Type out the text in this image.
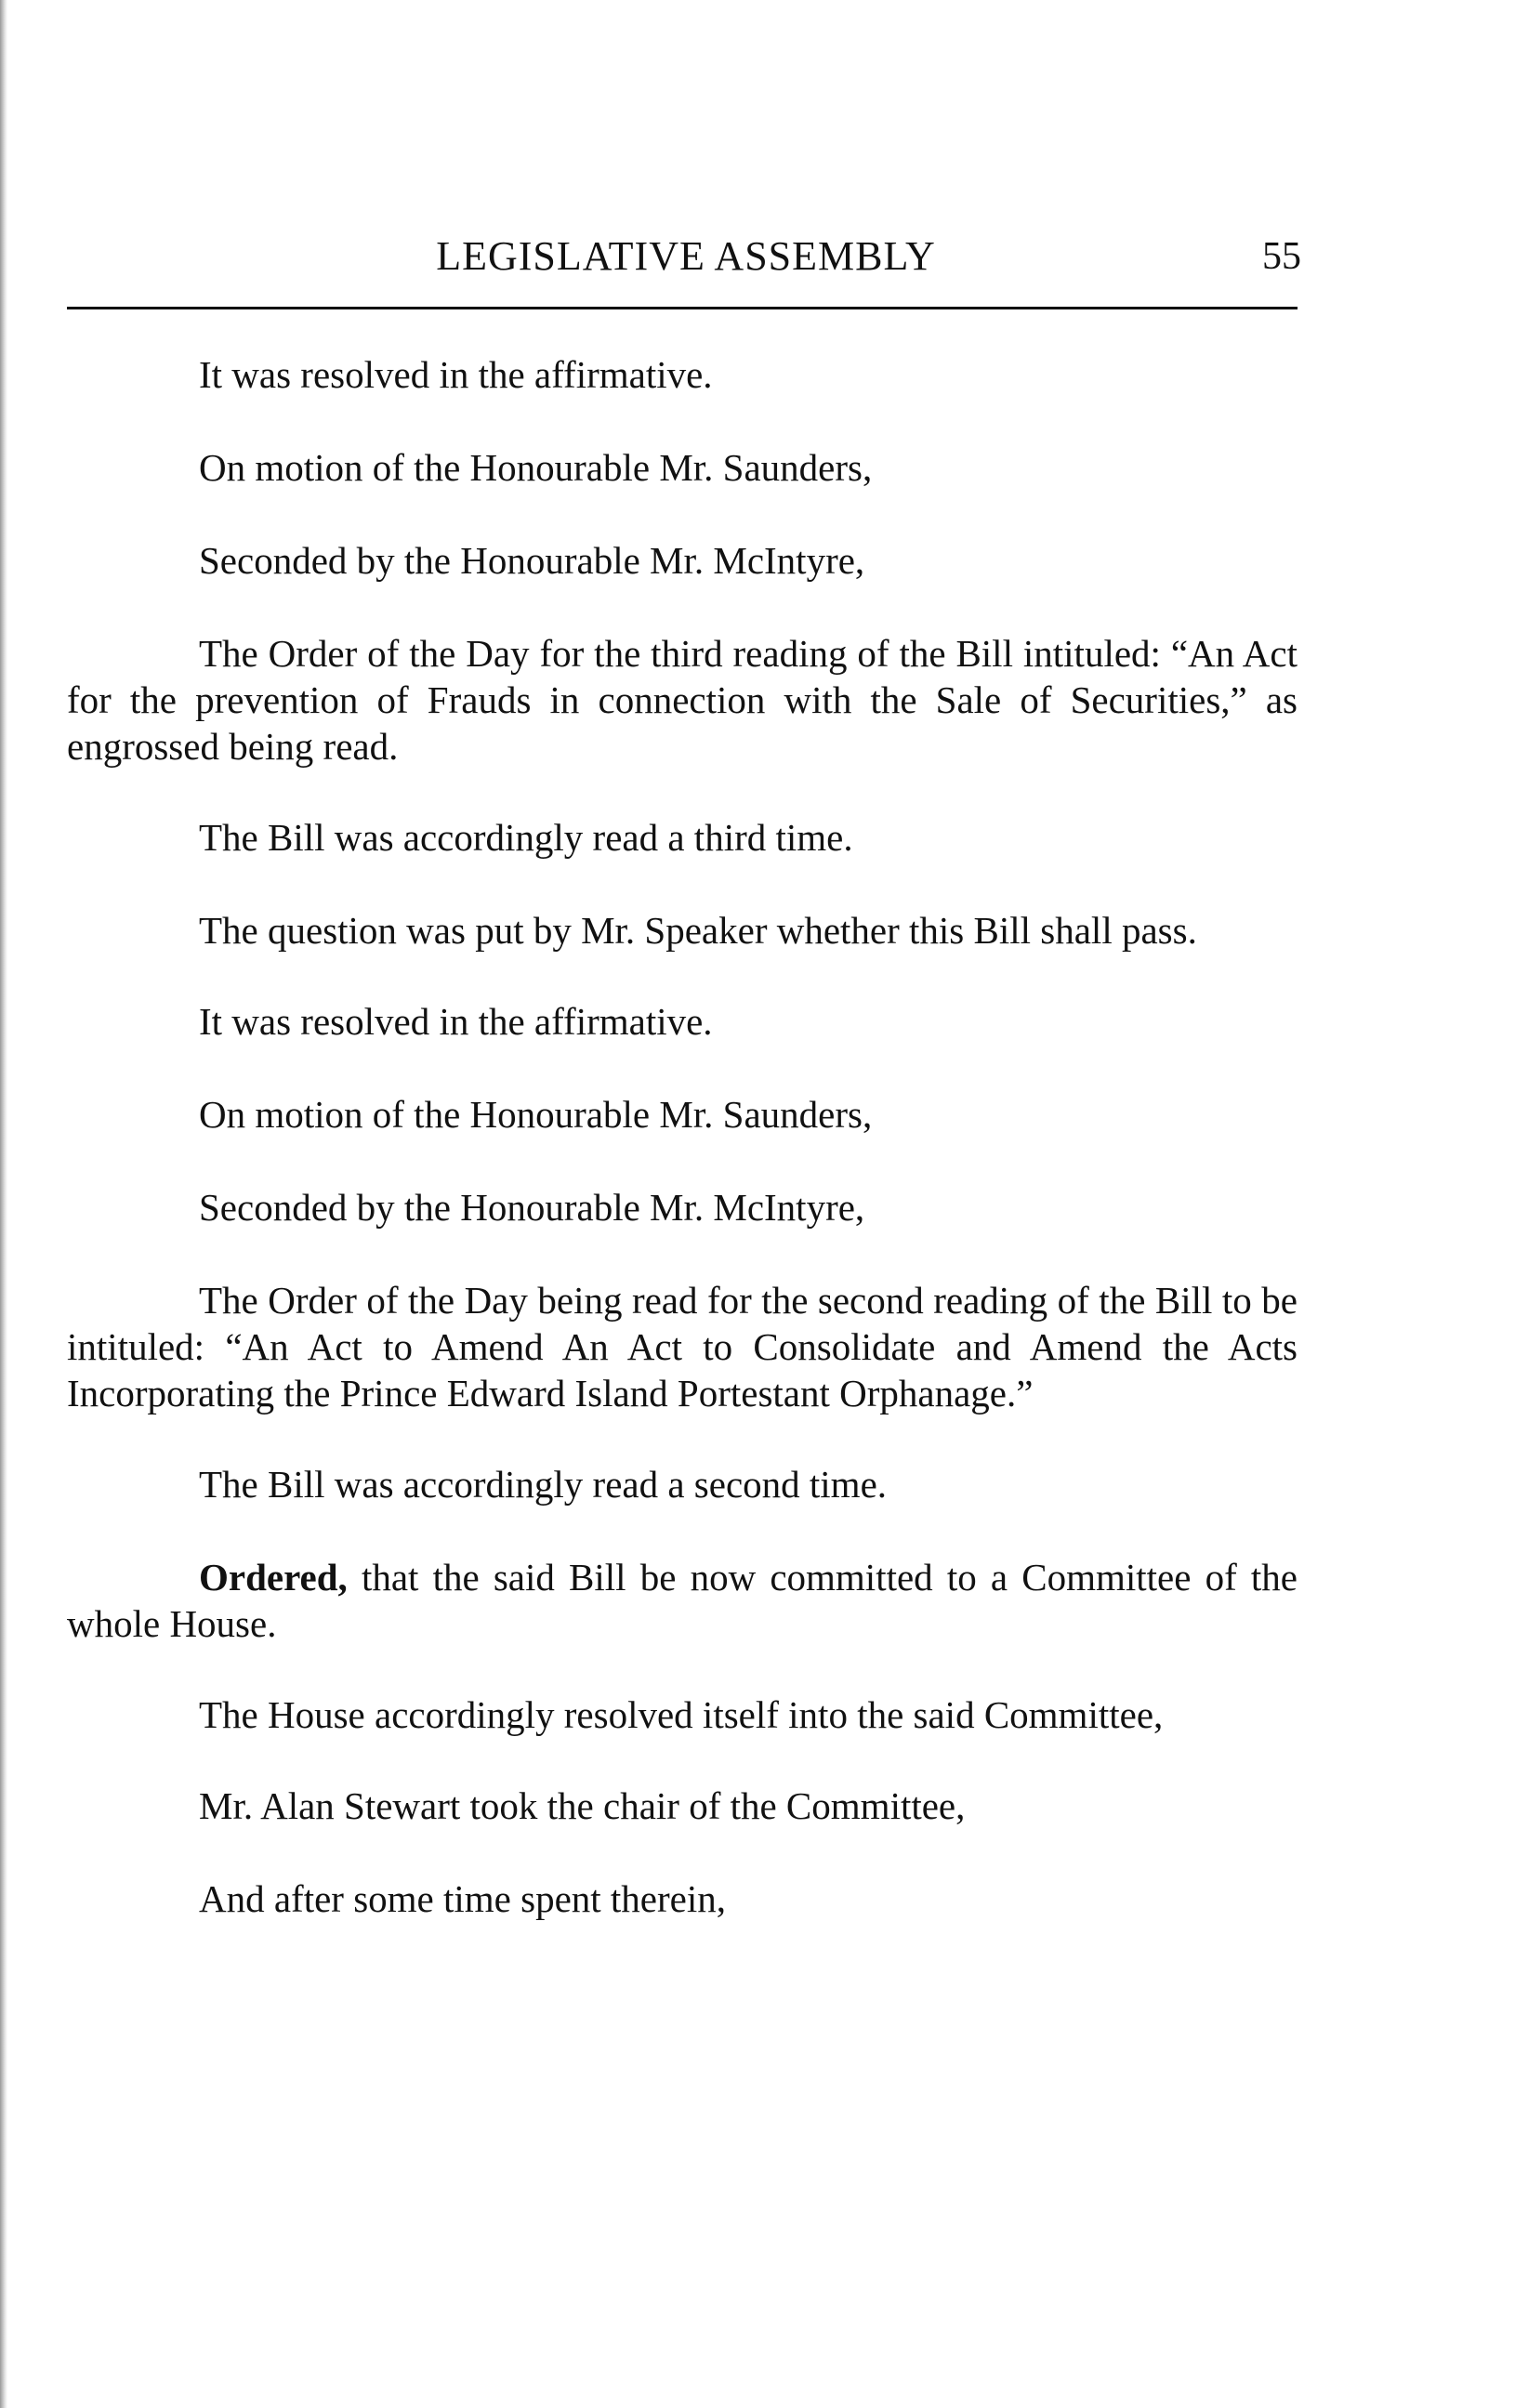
LEGISLATIVE ASSEMBLY	55

It was resolved in the affirmative.

On motion of the Honourable Mr. Saunders,

Seconded by the Honourable Mr. McIntyre,

The Order of the Day for the third reading of the Bill intituled: “An Act for the prevention of Frauds in connection with the Sale of Securities,” as engrossed being read.

The Bill was accordingly read a third time.

The question was put by Mr. Speaker whether this Bill shall pass.

It was resolved in the affirmative.

On motion of the Honourable Mr. Saunders,

Seconded by the Honourable Mr. McIntyre,

The Order of the Day being read for the second reading of the Bill to be intituled: “An Act to Amend An Act to Consolidate and Amend the Acts Incorporating the Prince Edward Island Portestant Orphanage.”

The Bill was accordingly read a second time.

Ordered, that the said Bill be now committed to a Committee of the whole House.

The House accordingly resolved itself into the said Committee,

Mr. Alan Stewart took the chair of the Committee,

And after some time spent therein,
